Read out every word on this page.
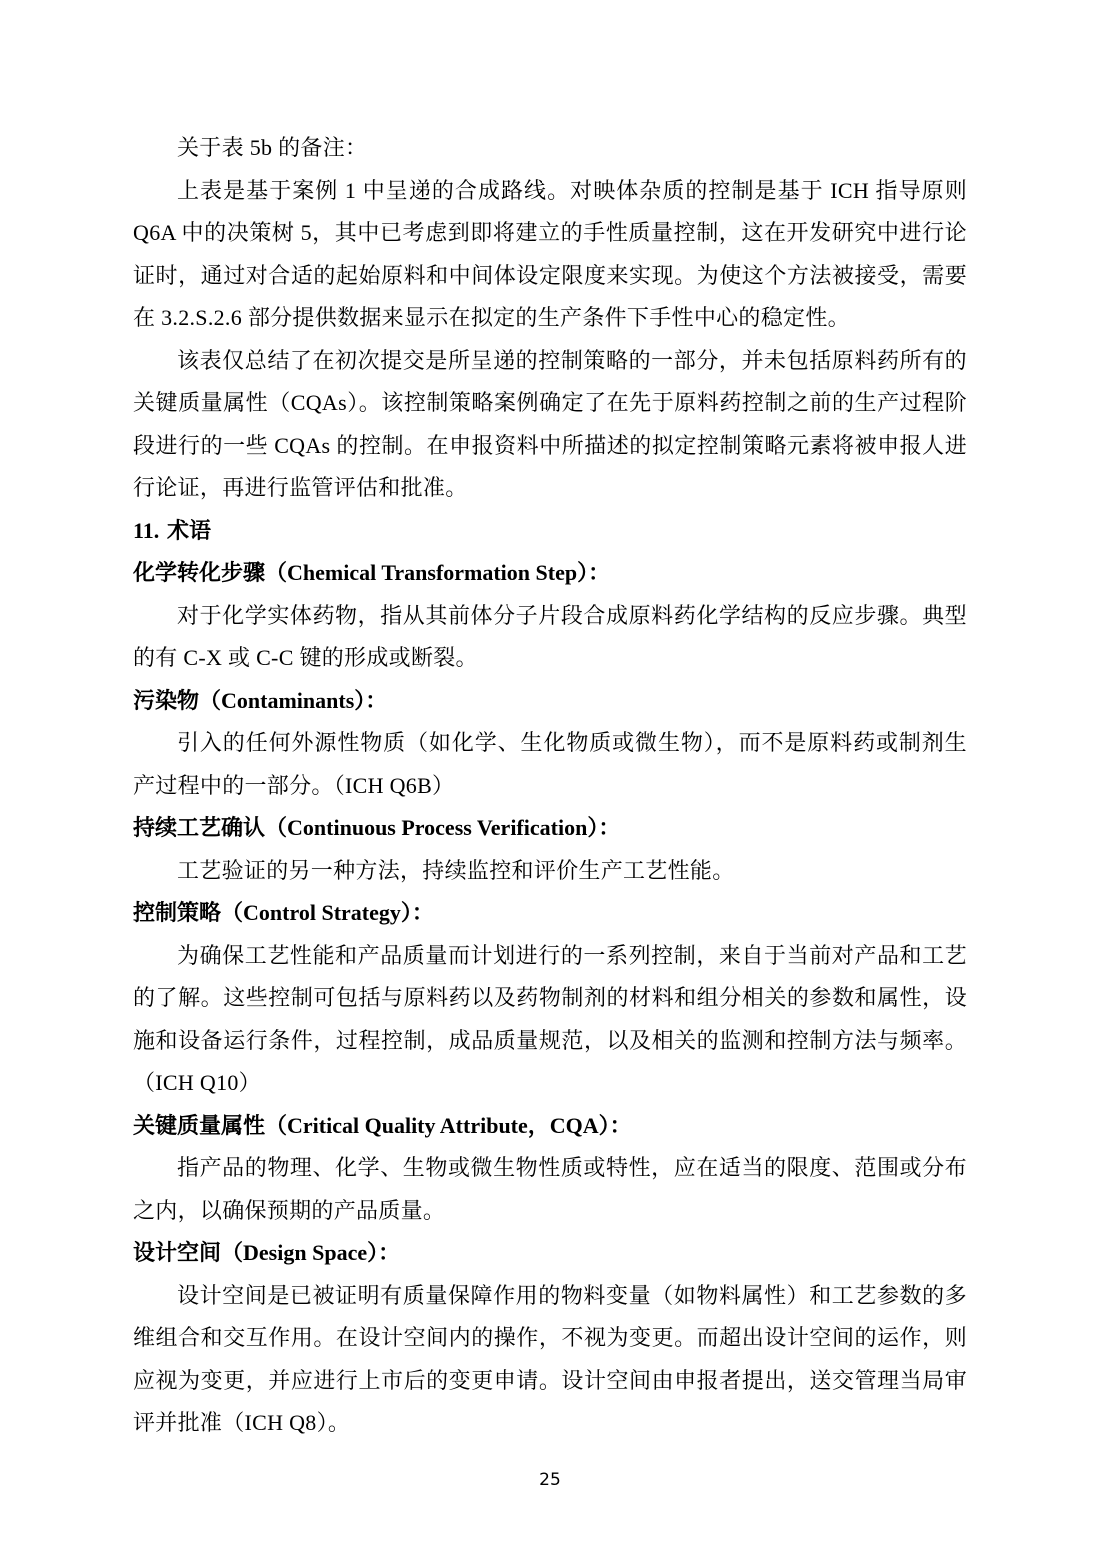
关于表 5b 的备注：

上表是基于案例 1 中呈递的合成路线。对映体杂质的控制是基于 ICH 指导原则 Q6A 中的决策树 5，其中已考虑到即将建立的手性质量控制，这在开发研究中进行论证时，通过对合适的起始原料和中间体设定限度来实现。为使这个方法被接受，需要在 3.2.S.2.6 部分提供数据来显示在拟定的生产条件下手性中心的稳定性。

该表仅总结了在初次提交是所呈递的控制策略的一部分，并未包括原料药所有的关键质量属性（CQAs）。该控制策略案例确定了在先于原料药控制之前的生产过程阶段进行的一些 CQAs 的控制。在申报资料中所描述的拟定控制策略元素将被申报人进行论证，再进行监管评估和批准。

11. 术语
化学转化步骤（Chemical Transformation Step）：

对于化学实体药物，指从其前体分子片段合成原料药化学结构的反应步骤。典型的有 C-X 或 C-C 键的形成或断裂。

污染物（Contaminants）：

引入的任何外源性物质（如化学、生化物质或微生物），而不是原料药或制剂生产过程中的一部分。（ICH Q6B）

持续工艺确认（Continuous Process Verification）：

工艺验证的另一种方法，持续监控和评价生产工艺性能。

控制策略（Control Strategy）：

为确保工艺性能和产品质量而计划进行的一系列控制，来自于当前对产品和工艺的了解。这些控制可包括与原料药以及药物制剂的材料和组分相关的参数和属性，设施和设备运行条件，过程控制，成品质量规范，以及相关的监测和控制方法与频率。（ICH Q10）

关键质量属性（Critical Quality Attribute，CQA）：

指产品的物理、化学、生物或微生物性质或特性，应在适当的限度、范围或分布之内，以确保预期的产品质量。

设计空间（Design Space）：

设计空间是已被证明有质量保障作用的物料变量（如物料属性）和工艺参数的多维组合和交互作用。在设计空间内的操作，不视为变更。而超出设计空间的运作，则应视为变更，并应进行上市后的变更申请。设计空间由申报者提出，送交管理当局审评并批准（ICH Q8）。

25
